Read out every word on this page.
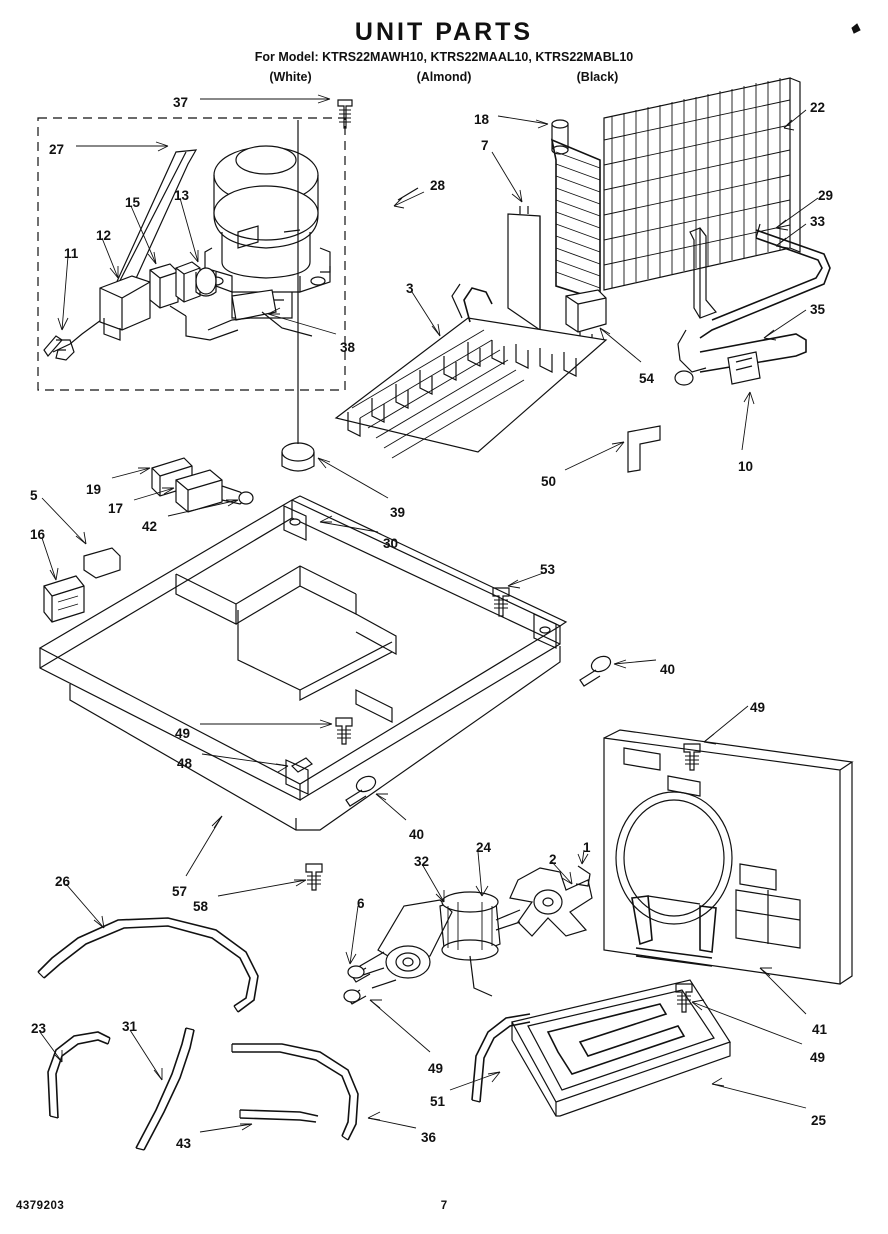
UNIT PARTS
For Model: KTRS22MAWH10, KTRS22MAAL10, KTRS22MABL10
(White)	(Almond)	(Black)
37
27
18
7
22
28
15	13	29
33
12
11
3
35
38
54
10
50
39
19
17
42
5
30
16
53
40
49
49
48
40
26
57
58
2
1
24
32
6
41
49
49
23	31
51
25
43	36
4379203	7
